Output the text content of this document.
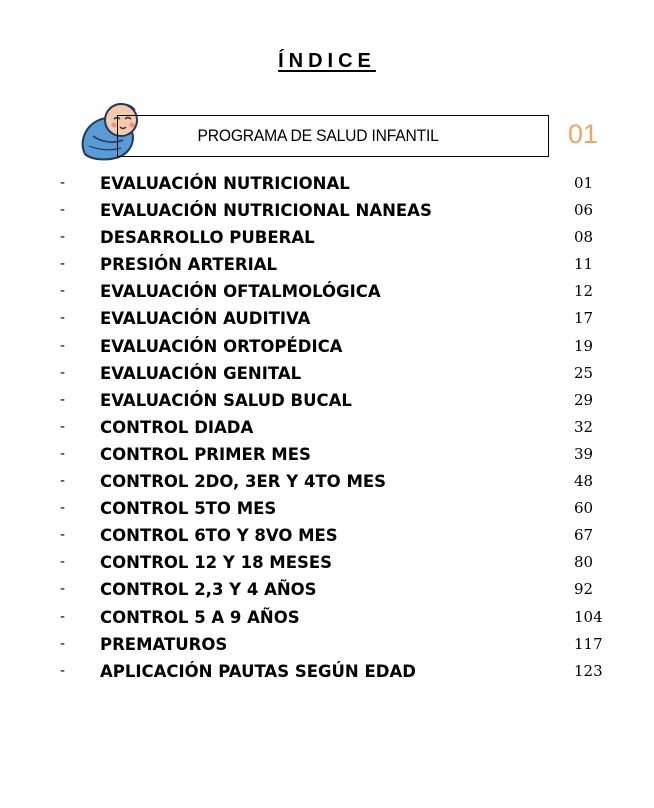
ÍNDICE
PROGRAMA DE SALUD INFANTIL	01
- EVALUACIÓN NUTRICIONAL	01
- EVALUACIÓN NUTRICIONAL NANEAS	06
- DESARROLLO PUBERAL	08
- PRESIÓN ARTERIAL	11
- EVALUACIÓN OFTALMOLÓGICA	12
- EVALUACIÓN AUDITIVA	17
- EVALUACIÓN ORTOPÉDICA	19
- EVALUACIÓN GENITAL	25
- EVALUACIÓN SALUD BUCAL	29
- CONTROL DIADA	32
- CONTROL PRIMER MES	39
- CONTROL 2DO, 3ER Y 4TO MES	48
- CONTROL 5TO MES	60
- CONTROL 6TO Y 8VO MES	67
- CONTROL 12 Y 18 MESES	80
- CONTROL 2,3 Y 4 AÑOS	92
- CONTROL 5 A 9 AÑOS	104
- PREMATUROS	117
- APLICACIÓN PAUTAS SEGÚN EDAD	123
